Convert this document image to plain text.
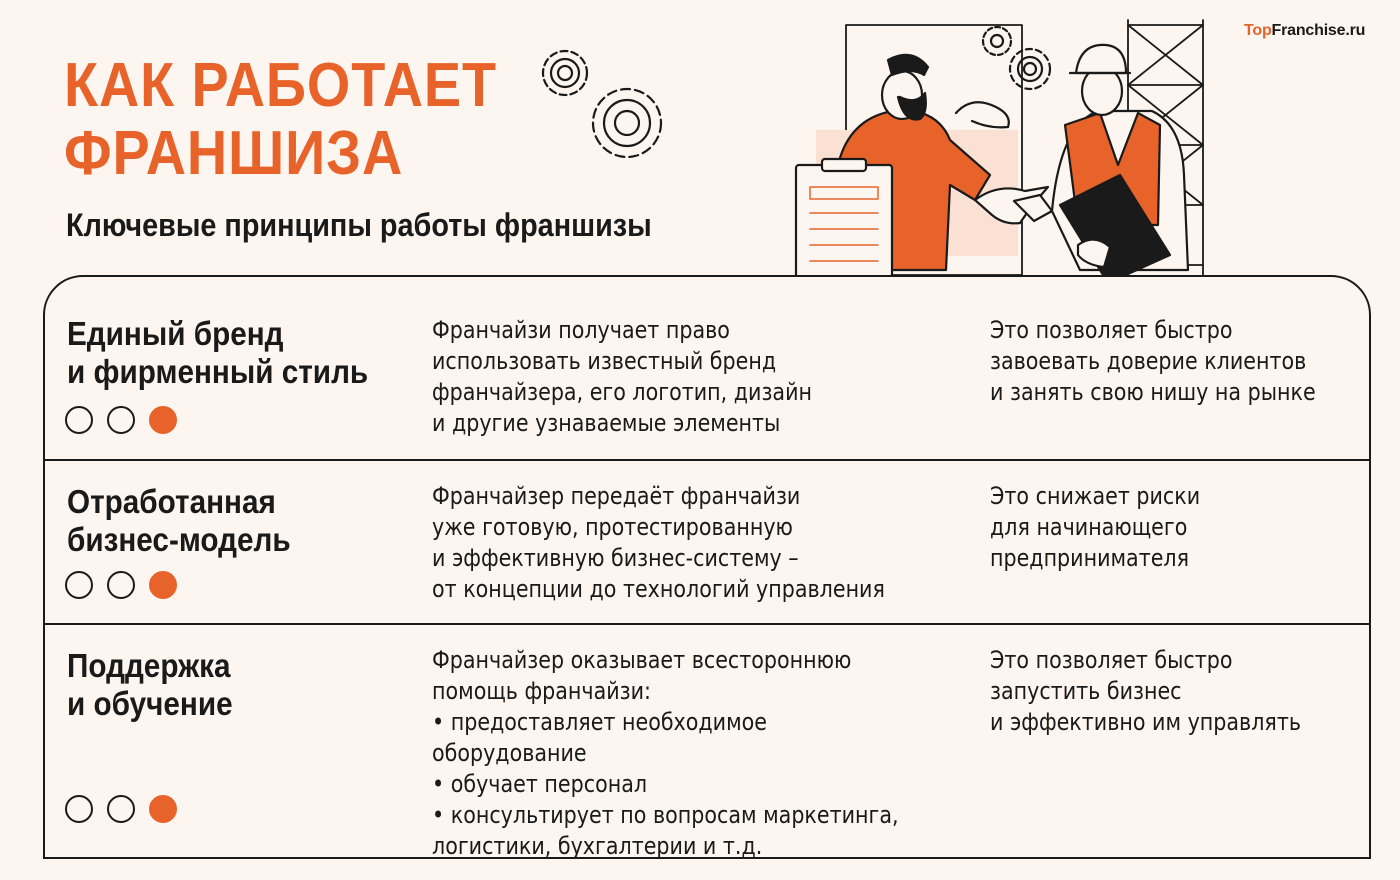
TopFranchise.ru
КАК РАБОТАЕТ
ФРАНШИЗА
Ключевые принципы работы франшизы
Единый бренд
и фирменный стиль
Франчайзи получает право
использовать известный бренд
франчайзера, его логотип, дизайн
и другие узнаваемые элементы
Это позволяет быстро
завоевать доверие клиентов
и занять свою нишу на рынке
Отработанная
бизнес-модель
Франчайзер передаёт франчайзи
уже готовую, протестированную
и эффективную бизнес-систему –
от концепции до технологий управления
Это снижает риски
для начинающего
предпринимателя
Поддержка
и обучение
Франчайзер оказывает всестороннюю
помощь франчайзи:
• предоставляет необходимое оборудование
• обучает персонал
• консультирует по вопросам маркетинга,
логистики, бухгалтерии и т.д.
Это позволяет быстро
запустить бизнес
и эффективно им управлять
